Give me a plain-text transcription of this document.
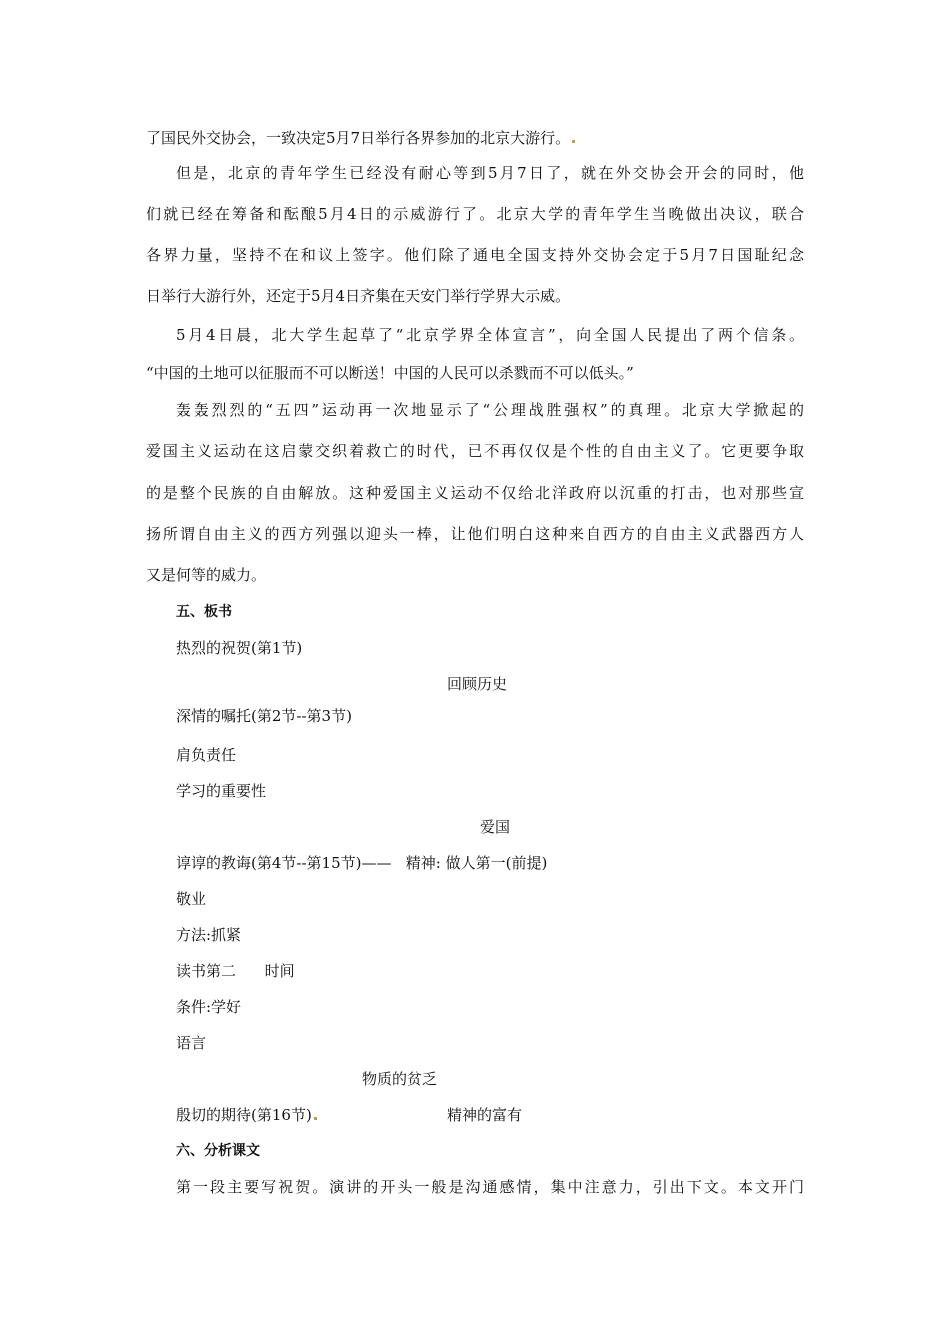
了国民外交协会，一致决定5月7日举行各界参加的北京大游行。
但是，北京的青年学生已经没有耐心等到5月7日了，就在外交协会开会的同时，他
们就已经在筹备和酝酿5月4日的示威游行了。北京大学的青年学生当晚做出决议，联合
各界力量，坚持不在和议上签字。他们除了通电全国支持外交协会定于5月7日国耻纪念
日举行大游行外，还定于5月4日齐集在天安门举行学界大示威。
5月4日晨，北大学生起草了“北京学界全体宣言”，向全国人民提出了两个信条。
“中国的土地可以征服而不可以断送！中国的人民可以杀戮而不可以低头。”
轰轰烈烈的“五四”运动再一次地显示了“公理战胜强权”的真理。北京大学掀起的
爱国主义运动在这启蒙交织着救亡的时代，已不再仅仅是个性的自由主义了。它更要争取
的是整个民族的自由解放。这种爱国主义运动不仅给北洋政府以沉重的打击，也对那些宣
扬所谓自由主义的西方列强以迎头一棒，让他们明白这种来自西方的自由主义武器西方人
又是何等的威力。
五、板书
热烈的祝贺(第1节)
回顾历史
深情的嘱托(第2节--第3节)
肩负责任
学习的重要性
爱国
谆谆的教诲(第4节--第15节)——   精神: 做人第一(前提)
敬业
方法:抓紧
读书第二      时间
条件:学好
语言
物质的贫乏
殷切的期待(第16节)	精神的富有
六、分析课文
第一段主要写祝贺。演讲的开头一般是沟通感情，集中注意力，引出下文。本文开门
